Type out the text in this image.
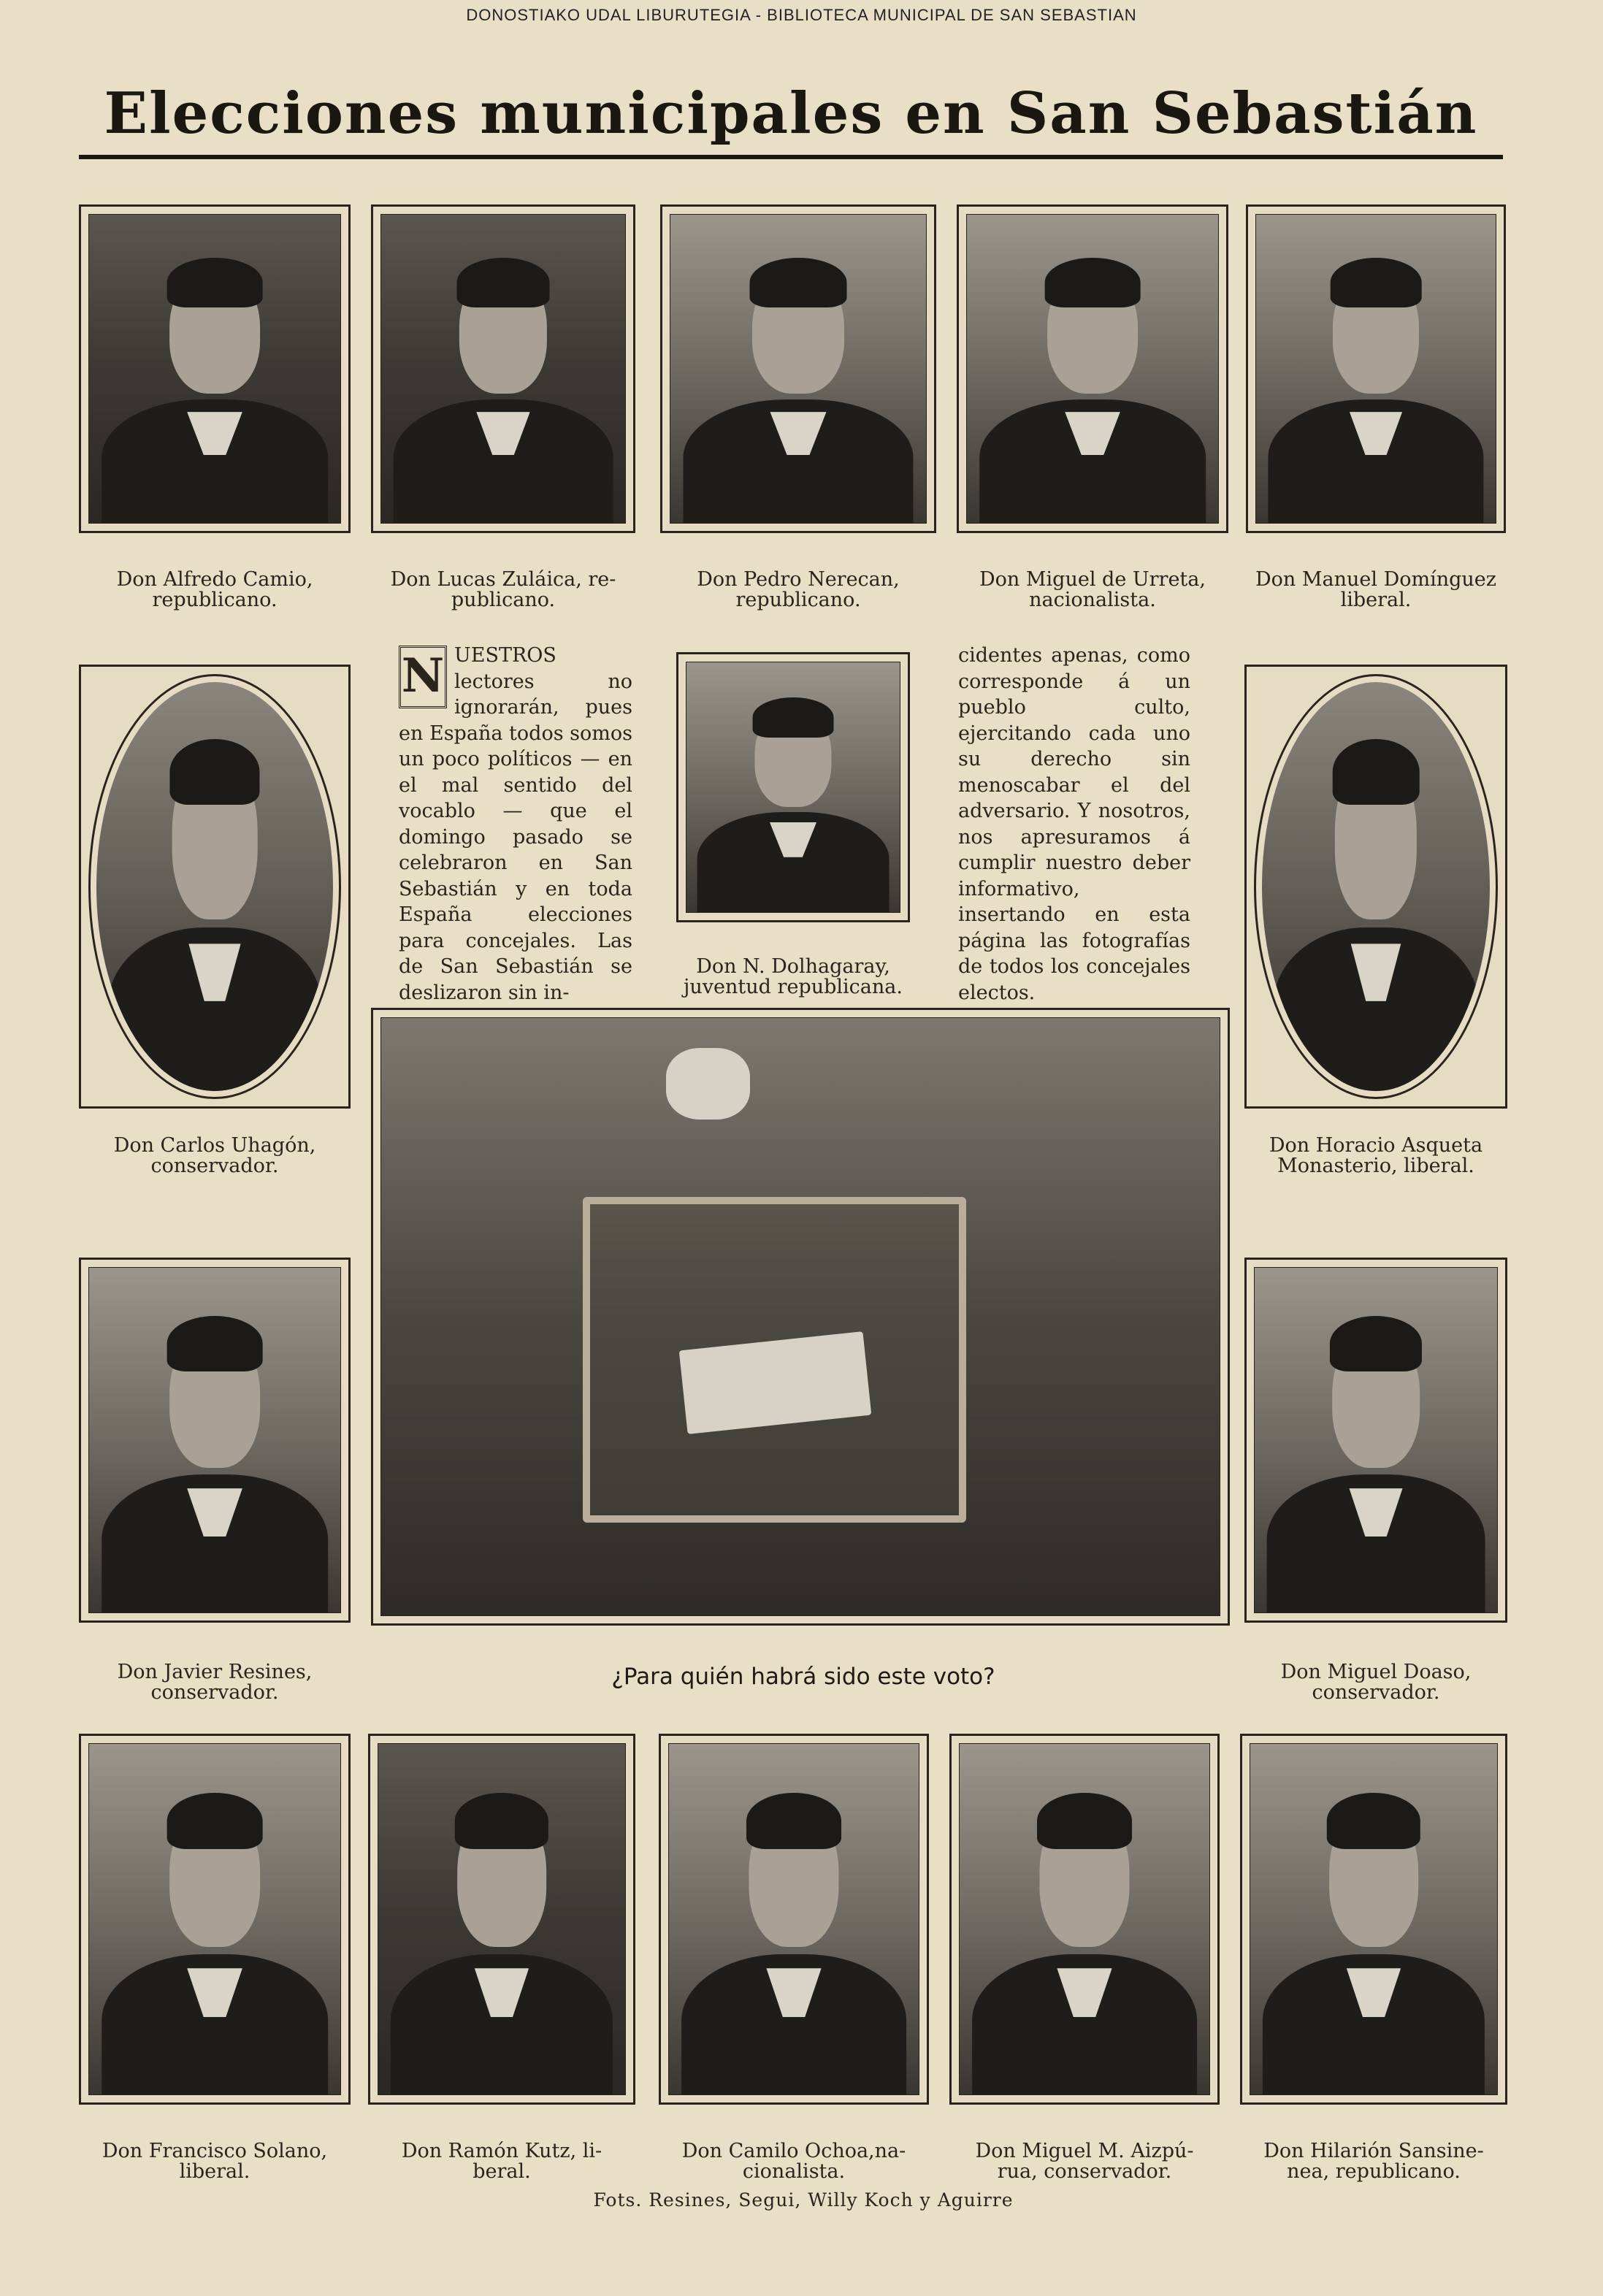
DONOSTIAKO UDAL LIBURUTEGIA - BIBLIOTECA MUNICIPAL DE SAN SEBASTIAN
Elecciones municipales en San Sebastián
Don Alfredo Camio,
republicano.
Don Lucas Zuláica, re-
publicano.
Don Pedro Nerecan,
republicano.
Don Miguel de Urreta,
nacionalista.
Don Manuel Domínguez
liberal.
Don Carlos Uhagón,
conservador.
N UESTROS lectores no ignorarán, pues en España todos somos un poco políticos — en el mal sentido del vocablo — que el domingo pasado se celebraron en San Sebastián y en toda España elecciones para concejales. Las de San Sebastián se deslizaron sin in-
Don N. Dolhagaray,
juventud republicana.
cidentes apenas, como corresponde á un pueblo culto, ejercitando cada uno su derecho sin menoscabar el del adversario. Y nosotros, nos apresuramos á cumplir nuestro deber informativo, insertando en esta página las fotografías de todos los concejales electos.
Don Horacio Asqueta
Monasterio, liberal.
¿Para quién habrá sido este voto?
Don Javier Resines,
conservador.
Don Miguel Doaso,
conservador.
Don Francisco Solano,
liberal.
Don Ramón Kutz, li-
beral.
Don Camilo Ochoa,na-
cionalista.
Don Miguel M. Aizpú-
rua, conservador.
Don Hilarión Sansine-
nea, republicano.
Fots. Resines, Segui, Willy Koch y Aguirre
